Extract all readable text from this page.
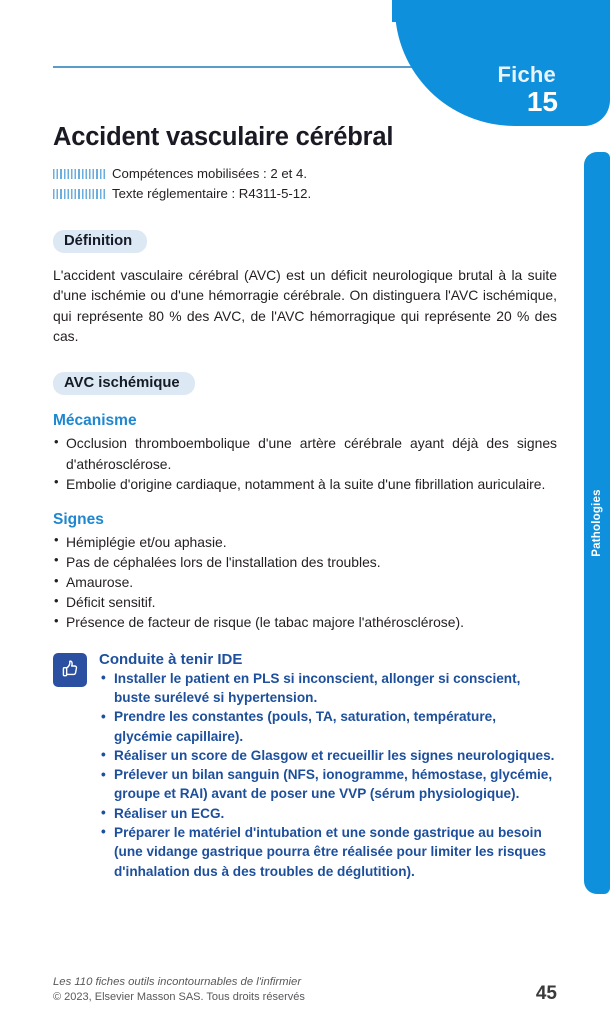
Fiche
15
Pathologies
Accident vasculaire cérébral
Compétences mobilisées : 2 et 4.
Texte réglementaire : R4311-5-12.
Définition

L'accident vasculaire cérébral (AVC) est un déficit neurologique brutal à la suite d'une ischémie ou d'une hémorragie cérébrale. On distinguera l'AVC ischémique, qui représente 80 % des AVC, de l'AVC hémorragique qui représente 20 % des cas.

AVC ischémique
Mécanisme
• Occlusion thromboembolique d'une artère cérébrale ayant déjà des signes d'athérosclérose.
• Embolie d'origine cardiaque, notamment à la suite d'une fibrillation auriculaire.
Signes
• Hémiplégie et/ou aphasie.
• Pas de céphalées lors de l'installation des troubles.
• Amaurose.
• Déficit sensitif.
• Présence de facteur de risque (le tabac majore l'athérosclérose).
Conduite à tenir IDE
• Installer le patient en PLS si inconscient, allonger si conscient, buste surélevé si hypertension.
• Prendre les constantes (pouls, TA, saturation, température, glycémie capillaire).
• Réaliser un score de Glasgow et recueillir les signes neurologiques.
• Prélever un bilan sanguin (NFS, ionogramme, hémostase, glycémie, groupe et RAI) avant de poser une VVP (sérum physiologique).
• Réaliser un ECG.
• Préparer le matériel d'intubation et une sonde gastrique au besoin (une vidange gastrique pourra être réalisée pour limiter les risques d'inhalation dus à des troubles de déglutition).
Les 110 fiches outils incontournables de l'infirmier
© 2023, Elsevier Masson SAS. Tous droits réservés	45
